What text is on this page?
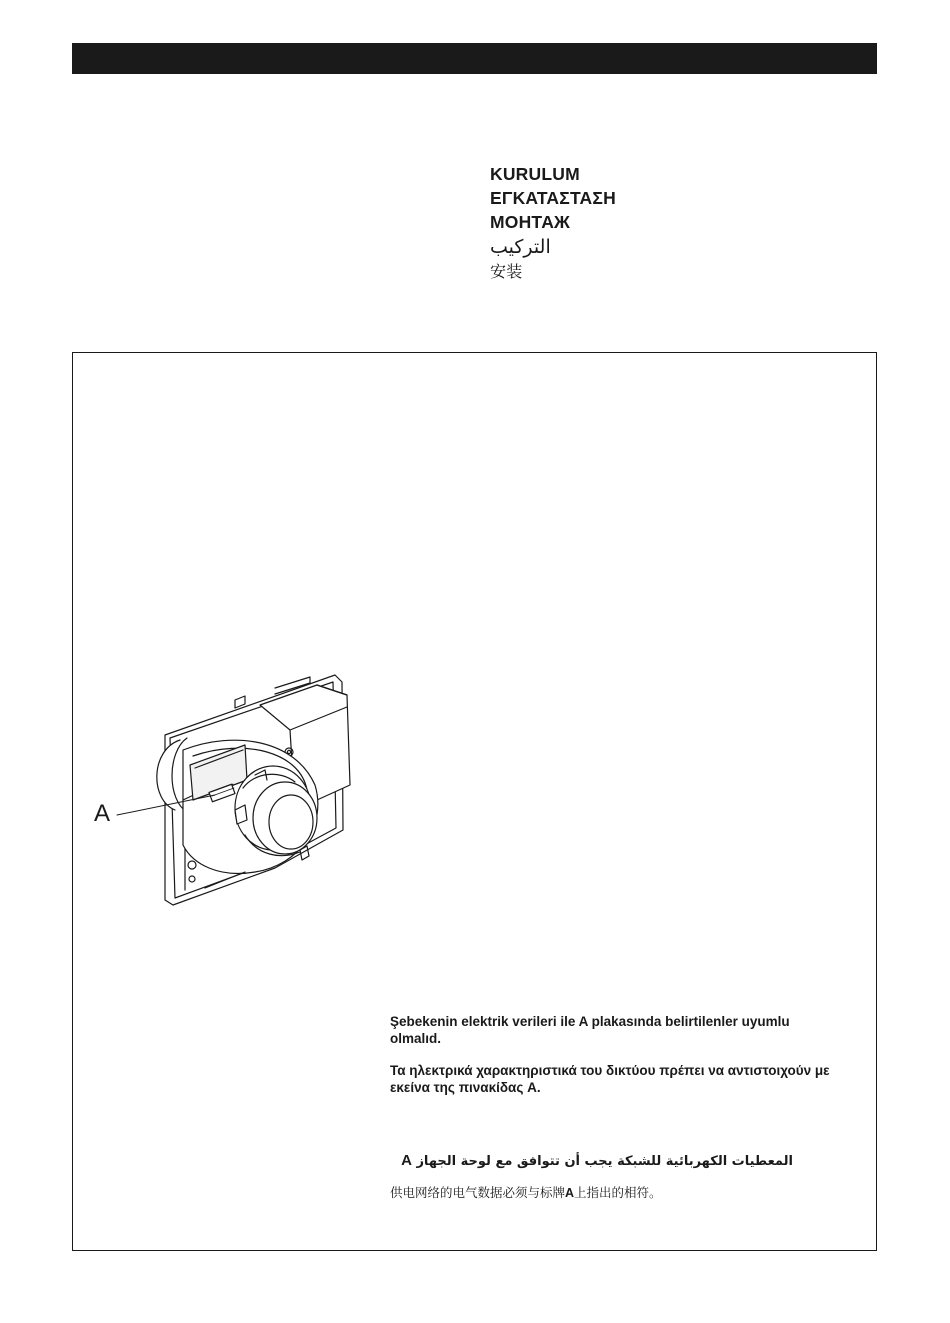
KURULUM
ΕΓΚΑΤΑΣΤΑΣΗ
МОНТАЖ
التركيب
安装
A
Şebekenin elektrik verileri ile A plakasında belirtilenler uyumlu olmalıd.
Τα ηλεκτρικά χαρακτηριστικά του δικτύου πρέπει να αντιστοιχούν με εκείνα της πινακίδας A.
المعطيات الكهربائية للشبكة يجب أن تتوافق مع لوحة الجهاز A
供电网络的电气数据必须与标牌A上指出的相符。
